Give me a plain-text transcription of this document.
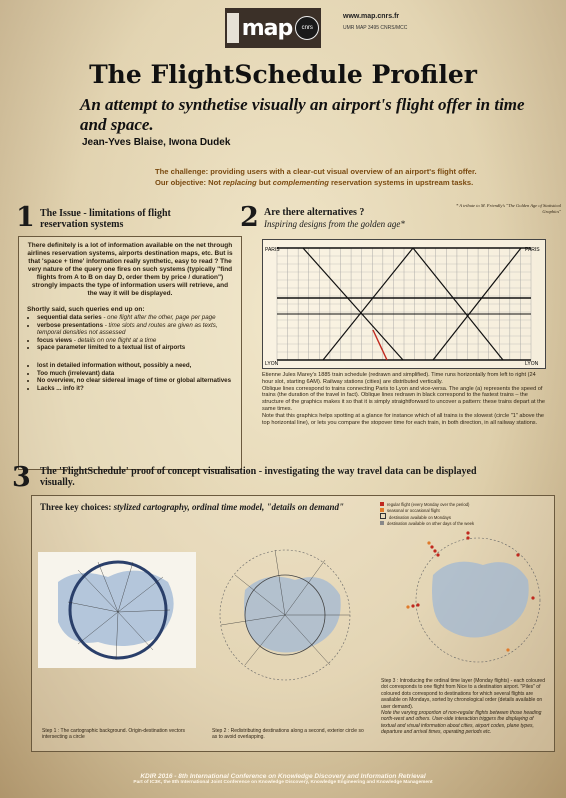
map cnrs
www.map.cnrs.fr
UMR MAP 3495 CNRS/MCC
The FlightSchedule Profiler
An attempt to synthetise visually an airport's flight offer in time and space.
Jean-Yves Blaise, Iwona Dudek
The challenge: providing users with a clear-cut visual overview of an airport's flight offer.
Our objective: Not replacing but complementing reservation systems in upstream tasks.
1 The Issue - limitations of flight reservation systems
There definitely is a lot of information available on the net through airlines reservation systems, airports destination maps, etc. But is that 'space + time' information really synthetic, easy to read ? The very nature of the query one fires on such systems (typically "find flights from A to B on day D, order them by price / duration") strongly impacts the type of information users will retrieve, and the way it will be displayed.
Shortly said, such queries end up on:
• sequential data series - one flight after the other, page per page
• verbose presentations - time slots and routes are given as texts, temporal densities not assessed
• focus views - details on one flight at a time
• space parameter limited to a textual list of airports
• lost in detailed information without, possibly a need,
• Too much (irrelevant) data
• No overview, no clear sidereal image of time or global alternatives
• Lacks ... info it?
2 Are there alternatives ?
Inspiring designs from the golden age*
* A tribute to M. Friendly's "The Golden Age of Statistical Graphics"
PARIS	PARIS
LYON	LYON
Etienne Jules Marey's 1885 train schedule (redrawn and simplified). Time runs horizontally from left to right (24 hour slot, starting 6AM). Railway stations (cities) are distributed vertically.
Oblique lines correspond to trains connecting Paris to Lyon and vice-versa. The angle (a) represents the speed of trains (the duration of the travel in fact). Oblique lines redrawn in black correspond to the fastest trains – the structure of the graphics makes it so that it is simply straightforward to uncover a pattern: these trains depart at the same times.
Note that this graphics helps spotting at a glance for instance which of all trains is the slowest (circle "1" above the top horizontal line), or lets you compare the stopover time for each train, in both direction, in all railway stations.
3 The 'FlightSchedule' proof of concept visualisation - investigating the way travel data can be displayed visually.
Three key choices: stylized cartography, ordinal time model, "details on demand"	regular flight (every Monday over the period)
seasonal or occasional flight
destination available on Mondays
destination available on other days of the week
Step 1 : The cartographic background. Origin-destination vectors intersecting a circle
Step 2 : Redistributing destinations along a second, exterior circle so as to avoid overlapping.
Step 3 : Introducing the ordinal time layer (Monday flights) - each coloured dot corresponds to one flight from Nice to a destination airport. "Piles" of coloured dots correspond to destinations for which several flights are available on Mondays, sorted by chronological order (details available on user demand).
Note the varying proportion of non-regular flights between those heading north-west and others. User-side interaction triggers the displaying of textual and visual information about cities, airport codes, plane types, departure and arrival times, operating periods etc.
KDIR 2016 - 8th International Conference on Knowledge Discovery and Information Retrieval
Part of IC3K, the 8th International Joint Conference on Knowledge Discovery, Knowledge Engineering and Knowledge Management
